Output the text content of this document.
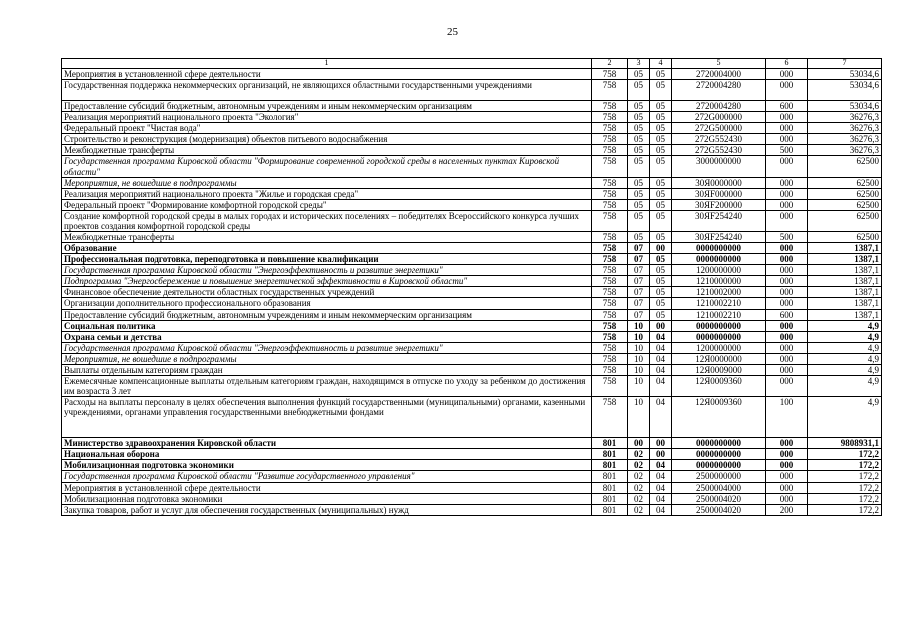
25
1	2	3	4	5	6	7
Мероприятия в установленной сфере деятельности	758	05	05	2720004000	000	53034,6
Государственная поддержка некоммерческих организаций, не являющихся областными государственными учреждениями	758	05	05	2720004280	000	53034,6
Предоставление субсидий бюджетным, автономным учреждениям и иным некоммерческим организациям	758	05	05	2720004280	600	53034,6
Реализация мероприятий национального проекта "Экология"	758	05	05	272G000000	000	36276,3
Федеральный проект "Чистая вода"	758	05	05	272G500000	000	36276,3
Строительство и реконструкция (модернизация) объектов питьевого водоснабжения	758	05	05	272G552430	000	36276,3
Межбюджетные трансферты	758	05	05	272G552430	500	36276,3
Государственная программа Кировской области "Формирование современной городской среды в населенных пунктах Кировской области"	758	05	05	3000000000	000	62500
Мероприятия, не вошедшие в подпрограммы	758	05	05	30Я0000000	000	62500
Реализация мероприятий национального проекта "Жилье и городская среда"	758	05	05	30ЯF000000	000	62500
Федеральный проект "Формирование комфортной городской среды"	758	05	05	30ЯF200000	000	62500
Создание комфортной городской среды в малых городах и исторических поселениях – победителях Всероссийского конкурса лучших проектов создания комфортной городской среды	758	05	05	30ЯF254240	000	62500
Межбюджетные трансферты	758	05	05	30ЯF254240	500	62500
Образование	758	07	00	0000000000	000	1387,1
Профессиональная подготовка, переподготовка и повышение квалификации	758	07	05	0000000000	000	1387,1
Государственная программа Кировской области "Энергоэффективность и развитие энергетики"	758	07	05	1200000000	000	1387,1
Подпрограмма "Энергосбережение и повышение энергетической эффективности в Кировской области"	758	07	05	1210000000	000	1387,1
Финансовое обеспечение деятельности областных государственных учреждений	758	07	05	1210002000	000	1387,1
Организации дополнительного профессионального образования	758	07	05	1210002210	000	1387,1
Предоставление субсидий бюджетным, автономным учреждениям и иным некоммерческим организациям	758	07	05	1210002210	600	1387,1
Социальная политика	758	10	00	0000000000	000	4,9
Охрана семьи и детства	758	10	04	0000000000	000	4,9
Государственная программа Кировской области "Энергоэффективность и развитие энергетики"	758	10	04	1200000000	000	4,9
Мероприятия, не вошедшие в подпрограммы	758	10	04	12Я0000000	000	4,9
Выплаты отдельным категориям граждан	758	10	04	12Я0009000	000	4,9
Ежемесячные компенсационные выплаты отдельным категориям граждан, находящимся в отпуске по уходу за ребенком до достижения им возраста 3 лет	758	10	04	12Я0009360	000	4,9
Расходы на выплаты персоналу в целях обеспечения выполнения функций государственными (муниципальными) органами, казенными учреждениями, органами управления государственными внебюджетными фондами	758	10	04	12Я0009360	100	4,9
Министерство здравоохранения Кировской области	801	00	00	0000000000	000	9808931,1
Национальная оборона	801	02	00	0000000000	000	172,2
Мобилизационная подготовка экономики	801	02	04	0000000000	000	172,2
Государственная программа Кировской области "Развитие государственного управления"	801	02	04	2500000000	000	172,2
Мероприятия в установленной сфере деятельности	801	02	04	2500004000	000	172,2
Мобилизационная подготовка экономики	801	02	04	2500004020	000	172,2
Закупка товаров, работ и услуг для обеспечения государственных (муниципальных) нужд	801	02	04	2500004020	200	172,2
